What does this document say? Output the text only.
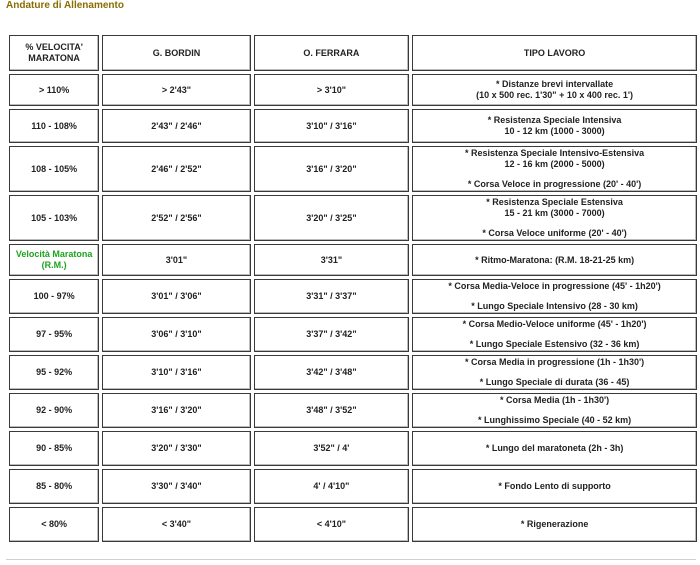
Andature di Allenamento
% VELOCITA'
MARATONA	G. BORDIN	O. FERRARA	TIPO LAVORO
> 110%	> 2'43"	> 3'10"	* Distanze brevi intervallate
(10 x 500 rec. 1'30" + 10 x 400 rec. 1')

110 - 108%	2'43" / 2'46"	3'10" / 3'16"	* Resistenza Speciale Intensiva
10 - 12 km (1000 - 3000)

108 - 105%	2'46" / 2'52"	3'16" / 3'20"	* Resistenza Speciale Intensivo-Estensiva
12 - 16 km (2000 - 5000)
* Corsa Veloce in progressione (20' - 40')

105 - 103%	2'52" / 2'56"	3'20" / 3'25"	* Resistenza Speciale Estensiva
15 - 21 km (3000 - 7000)
* Corsa Veloce uniforme (20' - 40')

Velocità Maratona
(R.M.)	3'01"	3'31"	* Ritmo-Maratona: (R.M. 18-21-25 km)

100 - 97%	3'01" / 3'06"	3'31" / 3'37"	* Corsa Media-Veloce in progressione (45' - 1h20')
* Lungo Speciale Intensivo (28 - 30 km)

97 - 95%	3'06" / 3'10"	3'37" / 3'42"	* Corsa Medio-Veloce uniforme (45' - 1h20')
* Lungo Speciale Estensivo (32 - 36 km)

95 - 92%	3'10" / 3'16"	3'42" / 3'48"	* Corsa Media in progressione (1h - 1h30')
* Lungo Speciale di durata (36 - 45)

92 - 90%	3'16" / 3'20"	3'48" / 3'52"	* Corsa Media (1h - 1h30')
* Lunghissimo Speciale (40 - 52 km)

90 - 85%	3'20" / 3'30"	3'52" / 4'	* Lungo del maratoneta (2h - 3h)

85 - 80%	3'30" / 3'40"	4' / 4'10"	* Fondo Lento di supporto

< 80%	< 3'40"	< 4'10"	* Rigenerazione
